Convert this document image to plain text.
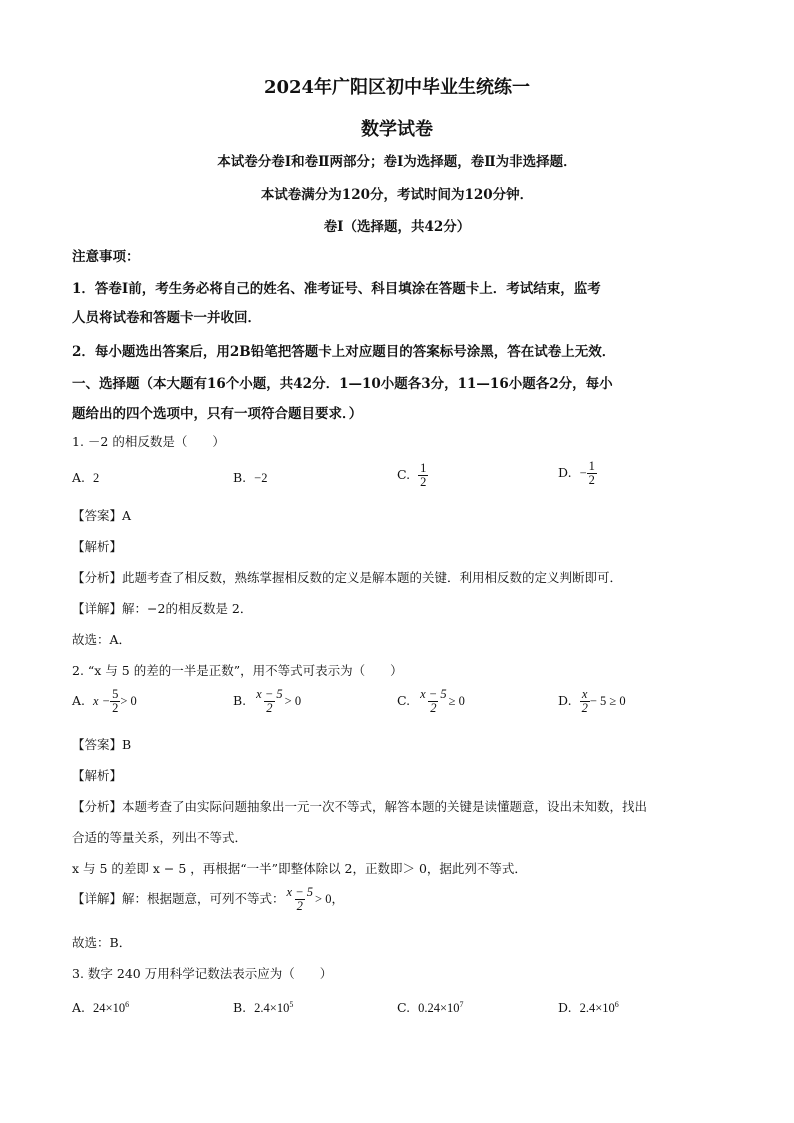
2024年广阳区初中毕业生统练一
数学试卷
本试卷分卷Ⅰ和卷Ⅱ两部分；卷Ⅰ为选择题，卷Ⅱ为非选择题．
本试卷满分为120分，考试时间为120分钟．
卷Ⅰ（选择题，共42分）
注意事项：
1．答卷Ⅰ前，考生务必将自己的姓名、准考证号、科目填涂在答题卡上．考试结束，监考
人员将试卷和答题卡一并收回．
2．每小题选出答案后，用2B铅笔把答题卡上对应题目的答案标号涂黑，答在试卷上无效．
一、选择题（本大题有16个小题，共42分．1—10小题各3分，11—16小题各2分，每小
题给出的四个选项中，只有一项符合题目要求．）
1. －2 的相反数是（　　）
A. 2	B. −2	C. $\frac{1}{2}$	D. − $\frac{1}{2}$
【答案】A
【解析】
【分析】此题考查了相反数，熟练掌握相反数的定义是解本题的关键．利用相反数的定义判断即可．
【详解】解：−2的相反数是 2．
故选：A．
2. “x 与 5 的差的一半是正数”，用不等式可表示为（　　）
A. $x - \frac{5}{2} > 0$	B. $\frac{x - 5}{2} > 0$	C. $\frac{x - 5}{2} \ge 0$	D. $\frac{x}{2} - 5 \ge 0$
【答案】B
【解析】
【分析】本题考查了由实际问题抽象出一元一次不等式，解答本题的关键是读懂题意，设出未知数，找出
合适的等量关系，列出不等式．
x 与 5 的差即 x − 5 ，再根据“一半”即整体除以 2，正数即＞ 0，据此列不等式．
【详解】解：根据题意，可列不等式： $\frac{x - 5}{2} > 0$，
故选：B．
3. 数字 240 万用科学记数法表示应为（　　）
A. $24\times 10^6$	B. $2.4\times 10^5$	C. $0.24\times 10^7$	D. $2.4\times 10^6$
